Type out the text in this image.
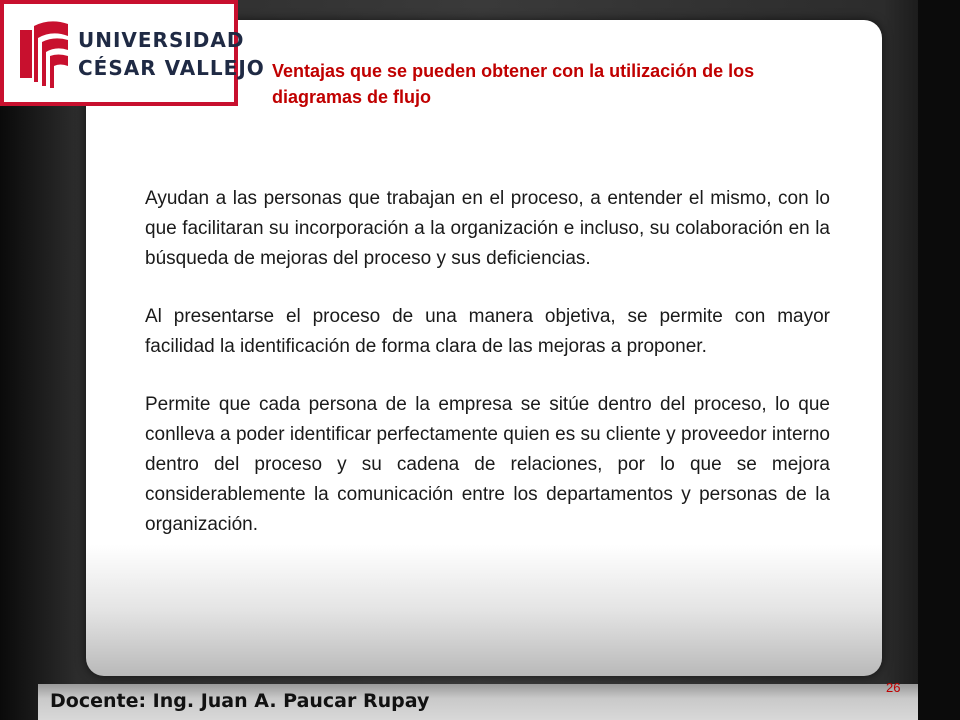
UNIVERSIDAD
CÉSAR VALLEJO Ventajas que se pueden obtener con la utilización de los diagramas de flujo

Ayudan a las personas que trabajan en el proceso, a entender el mismo, con lo que facilitaran su incorporación a la organización e incluso, su colaboración en la búsqueda de mejoras del proceso y sus deficiencias.

Al presentarse el proceso de una manera objetiva, se permite con mayor facilidad la identificación de forma clara de las mejoras a proponer.

Permite que cada persona de la empresa se sitúe dentro del proceso, lo que conlleva a poder identificar perfectamente quien es su cliente y proveedor interno dentro del proceso y su cadena de relaciones, por lo que se mejora considerablemente la comunicación entre los departamentos y personas de la organización.

Docente: Ing. Juan A. Paucar Rupay
26
